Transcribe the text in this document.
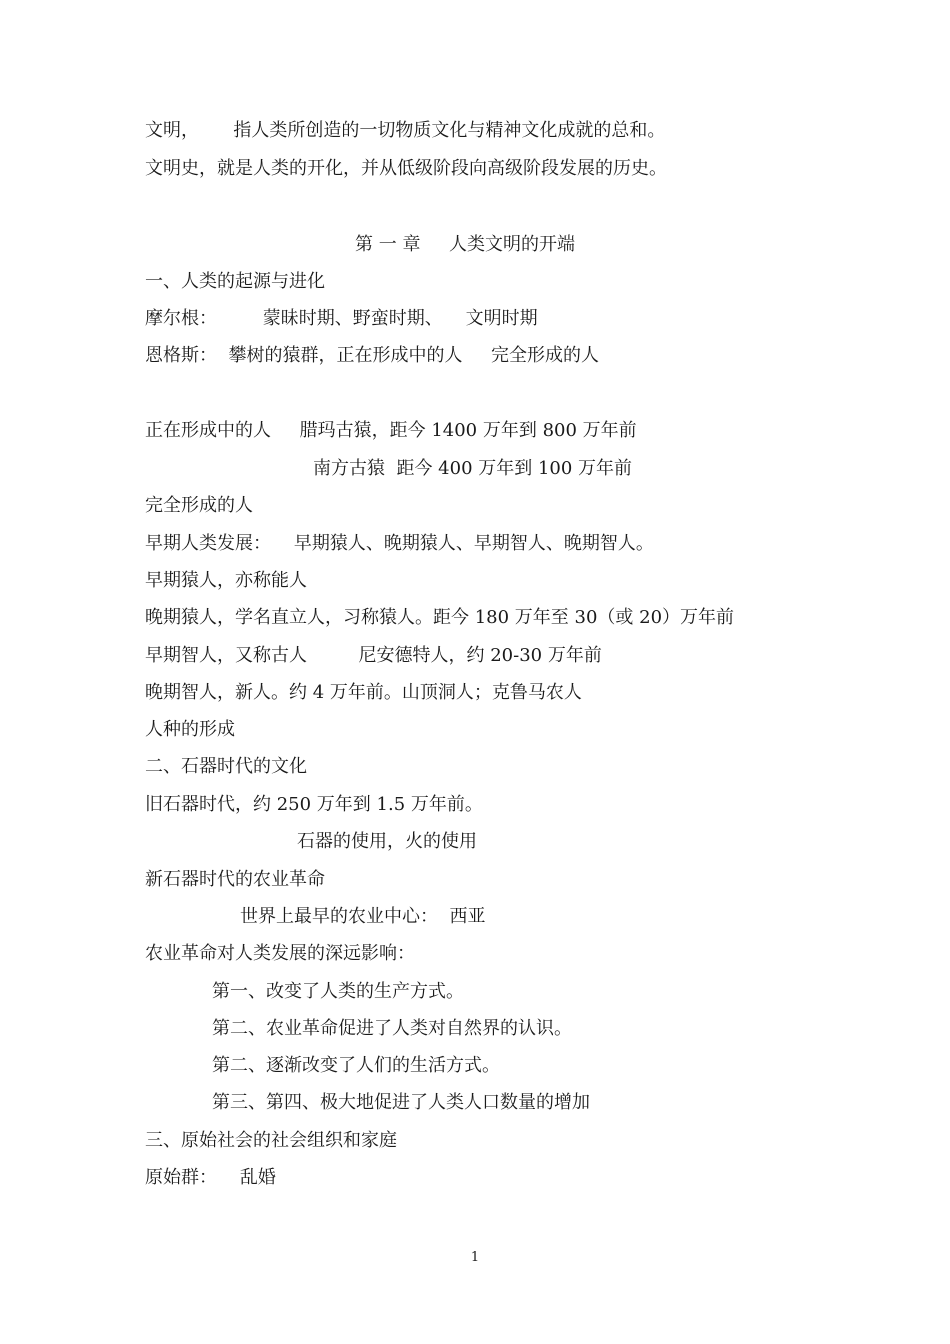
文明，      指人类所创造的一切物质文化与精神文化成就的总和。
文明史，就是人类的开化，并从低级阶段向高级阶段发展的历史。
第 一 章     人类文明的开端
一、人类的起源与进化
摩尔根：        蒙昧时期、野蛮时期、    文明时期
恩格斯：  攀树的猿群，正在形成中的人     完全形成的人
正在形成中的人     腊玛古猿，距今 1400 万年到 800 万年前
南方古猿  距今 400 万年到 100 万年前
完全形成的人
早期人类发展：    早期猿人、晚期猿人、早期智人、晚期智人。
早期猿人，亦称能人
晚期猿人，学名直立人，习称猿人。距今 180 万年至 30（或 20）万年前
早期智人，又称古人         尼安德特人，约 20-30 万年前
晚期智人，新人。约 4 万年前。山顶洞人；克鲁马农人
人种的形成
二、石器时代的文化
旧石器时代，约 250 万年到 1.5 万年前。
石器的使用，火的使用
新石器时代的农业革命
世界上最早的农业中心：  西亚
农业革命对人类发展的深远影响：
第一、改变了人类的生产方式。
第二、农业革命促进了人类对自然界的认识。
第二、逐渐改变了人们的生活方式。
第三、第四、极大地促进了人类人口数量的增加
三、原始社会的社会组织和家庭
原始群：    乱婚
1
